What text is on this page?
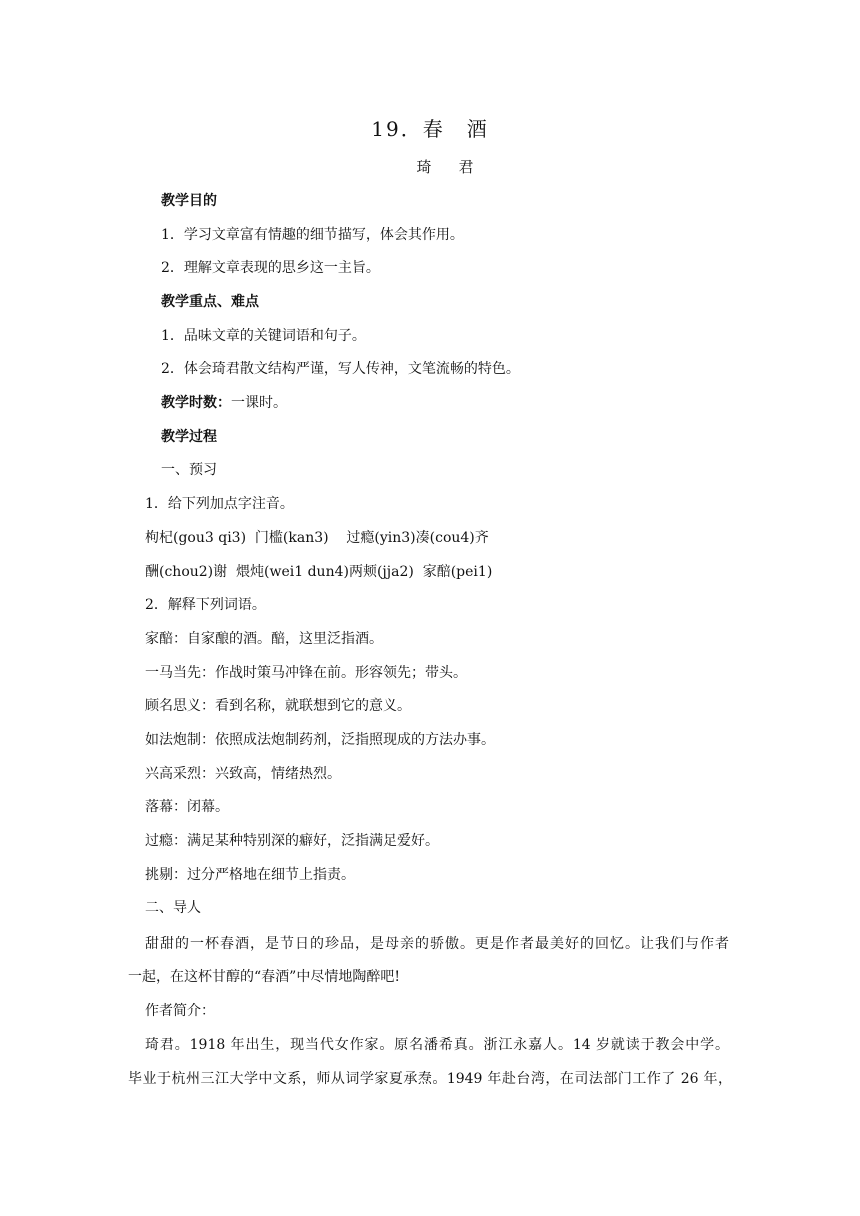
19．春　酒
琦　君
教学目的
1．学习文章富有情趣的细节描写，体会其作用。
2．理解文章表现的思乡这一主旨。
教学重点、难点
1．品味文章的关键词语和句子。
2．体会琦君散文结构严谨，写人传神，文笔流畅的特色。
教学时数：一课时。
教学过程
一、预习
1．给下列加点字注音。
枸杞(gou3 qi3)  门槛(kan3)    过瘾(yin3)凑(cou4)齐
酬(chou2)谢  煨炖(wei1 dun4)两颊(jja2)  家醅(pei1)
2．解释下列词语。
家醅：自家酿的酒。醅，这里泛指酒。
一马当先：作战时策马冲锋在前。形容领先；带头。
顾名思义：看到名称，就联想到它的意义。
如法炮制：依照成法炮制药剂，泛指照现成的方法办事。
兴高采烈：兴致高，情绪热烈。
落幕：闭幕。
过瘾：满足某种特别深的癖好，泛指满足爱好。
挑剔：过分严格地在细节上指责。
二、导人
甜甜的一杯春酒，是节日的珍品，是母亲的骄傲。更是作者最美好的回忆。让我们与作者
一起，在这杯甘醇的“春酒”中尽情地陶醉吧!
作者简介：
琦君。1918 年出生，现当代女作家。原名潘希真。浙江永嘉人。14 岁就读于教会中学。
毕业于杭州三江大学中文系，师从词学家夏承焘。1949 年赴台湾，在司法部门工作了 26 年，
